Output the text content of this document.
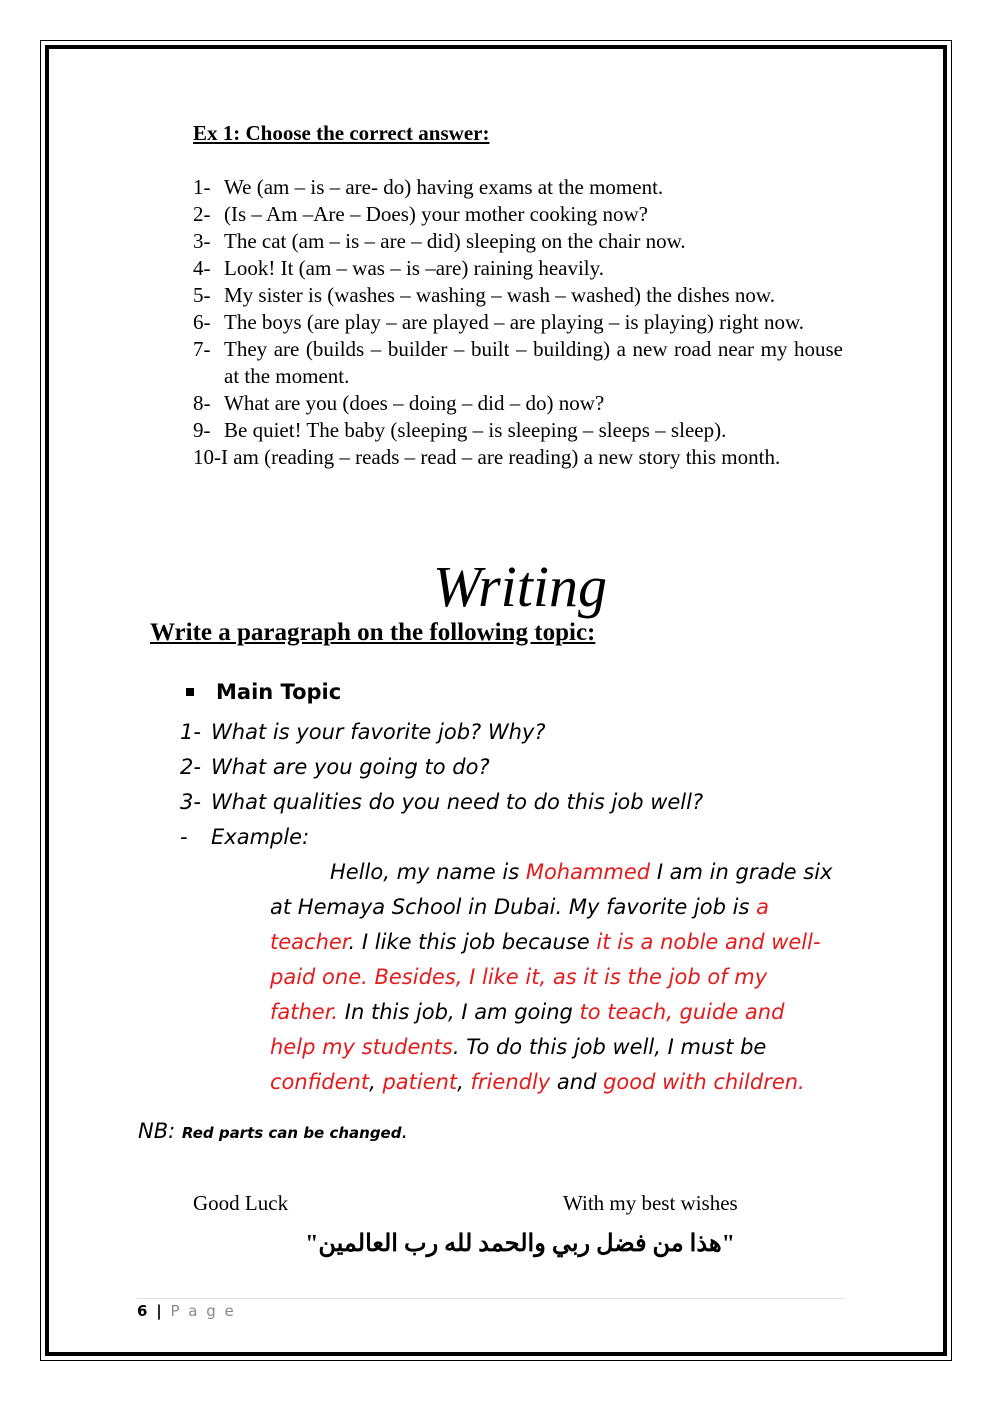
Ex 1: Choose the correct answer:
1- We (am – is – are- do) having exams at the moment.
2- (Is – Am –Are – Does) your mother cooking now?
3- The cat (am – is – are – did) sleeping on the chair now.
4- Look! It (am – was – is –are) raining heavily.
5- My sister is (washes – washing – wash – washed) the dishes now.
6- The boys (are play – are played – are playing – is playing) right now.
7- They are (builds – builder – built – building) a new road near my house at the moment.
8- What are you (does – doing – did – do) now?
9- Be quiet! The baby (sleeping – is sleeping – sleeps – sleep).
10-I am (reading – reads – read – are reading) a new story this month.
Writing
Write a paragraph on the following topic:
Main Topic
1- What is your favorite job? Why?
2- What are you going to do?
3- What qualities do you need to do this job well?
-	Example:
Hello, my name is Mohammed I am in grade six
at Hemaya School in Dubai. My favorite job is a
teacher. I like this job because it is a noble and well-
paid one. Besides, I like it, as it is the job of my
father. In this job, I am going to teach, guide and
help my students. To do this job well, I must be
confident, patient, friendly and good with children.
NB: Red parts can be changed.
Good Luck	With my best wishes
"هذا من فضل ربي والحمد لله رب العالمين"
6 | P a g e
